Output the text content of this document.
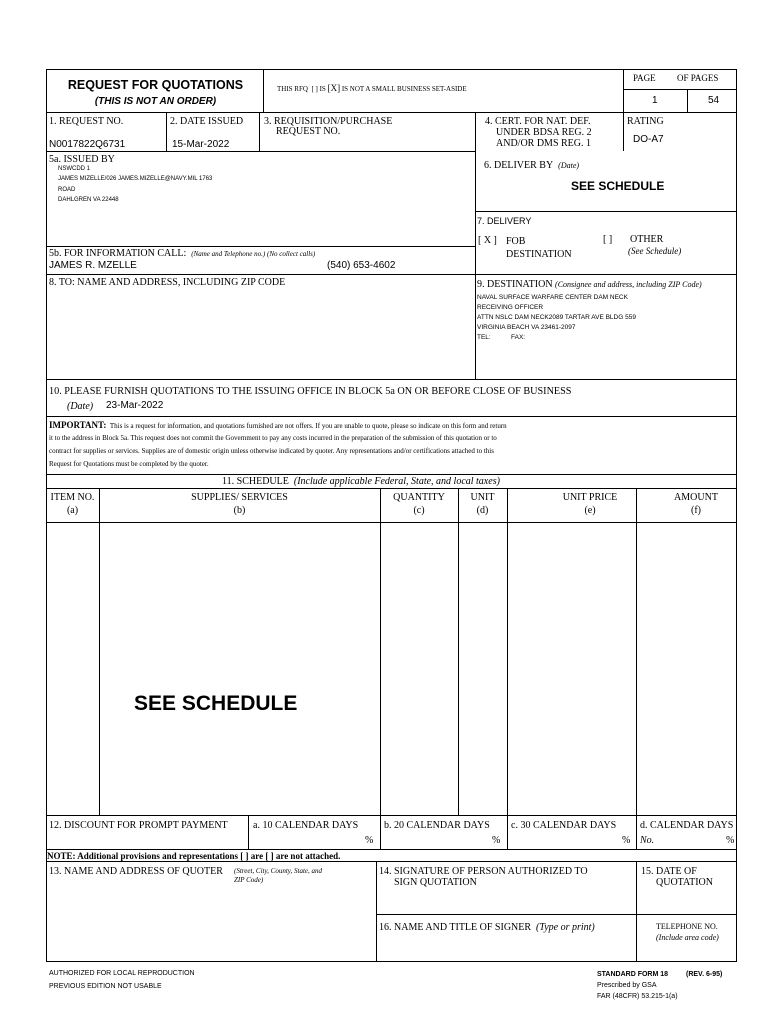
REQUEST FOR QUOTATIONS
(THIS IS NOT AN ORDER)
THIS RFQ [ ] IS [X] IS NOT A SMALL BUSINESS SET-ASIDE
PAGE OF PAGES
1	54
1. REQUEST NO.
N0017822Q6731
2. DATE ISSUED
15-Mar-2022
3. REQUISITION/PURCHASE
REQUEST NO.
4. CERT. FOR NAT. DEF.
UNDER BDSA REG. 2
AND/OR DMS REG. 1
RATING
DO-A7
5a. ISSUED BY
NSWCDD 1
JAMES MIZELLE/026 JAMES.MIZELLE@NAVY.MIL 1763
ROAD
DAHLGREN VA 22448
6. DELIVER BY (Date)
SEE SCHEDULE
7. DELIVERY
[ X ] FOB
DESTINATION
[ ] OTHER
(See Schedule)
5b. FOR INFORMATION CALL: (Name and Telephone no.) (No collect calls)
JAMES R. MZELLE	(540) 653-4602
8. TO: NAME AND ADDRESS, INCLUDING ZIP CODE	9. DESTINATION (Consignee and address, including ZIP Code)
NAVAL SURFACE WARFARE CENTER DAM NECK
RECEIVING OFFICER
ATTN NSLC DAM NECK2089 TARTAR AVE BLDG 559
VIRGINIA BEACH VA 23461-2097
TEL:	FAX:
10. PLEASE FURNISH QUOTATIONS TO THE ISSUING OFFICE IN BLOCK 5a ON OR BEFORE CLOSE OF BUSINESS
(Date) 23-Mar-2022
IMPORTANT: This is a request for information, and quotations furnished are not offers. If you are unable to quote, please so indicate on this form and return
it to the address in Block 5a. This request does not commit the Government to pay any costs incurred in the preparation of the submission of this quotation or to
contract for supplies or services. Supplies are of domestic origin unless otherwise indicated by quoter. Any representations and/or certifications attached to this
Request for Quotations must be completed by the quoter.
11. SCHEDULE (Include applicable Federal, State, and local taxes)
ITEM NO.
(a)
SUPPLIES/ SERVICES
(b)
QUANTITY
(c)
UNIT
(d)
UNIT PRICE
(e)
AMOUNT
(f)
SEE SCHEDULE
12. DISCOUNT FOR PROMPT PAYMENT	a. 10 CALENDAR DAYS
%
b. 20 CALENDAR DAYS
%
c. 30 CALENDAR DAYS
%
d. CALENDAR DAYS
No.	%
NOTE: Additional provisions and representations [ ] are [ ] are not attached.
13. NAME AND ADDRESS OF QUOTER (Street, City, County, State, and
ZIP Code)
14. SIGNATURE OF PERSON AUTHORIZED TO
SIGN QUOTATION
15. DATE OF
QUOTATION
16. NAME AND TITLE OF SIGNER (Type or print)	TELEPHONE NO.
(Include area code)
AUTHORIZED FOR LOCAL REPRODUCTION
PREVIOUS EDITION NOT USABLE
STANDARD FORM 18	(REV. 6-95)
Prescribed by GSA
FAR (48CFR) 53.215-1(a)
